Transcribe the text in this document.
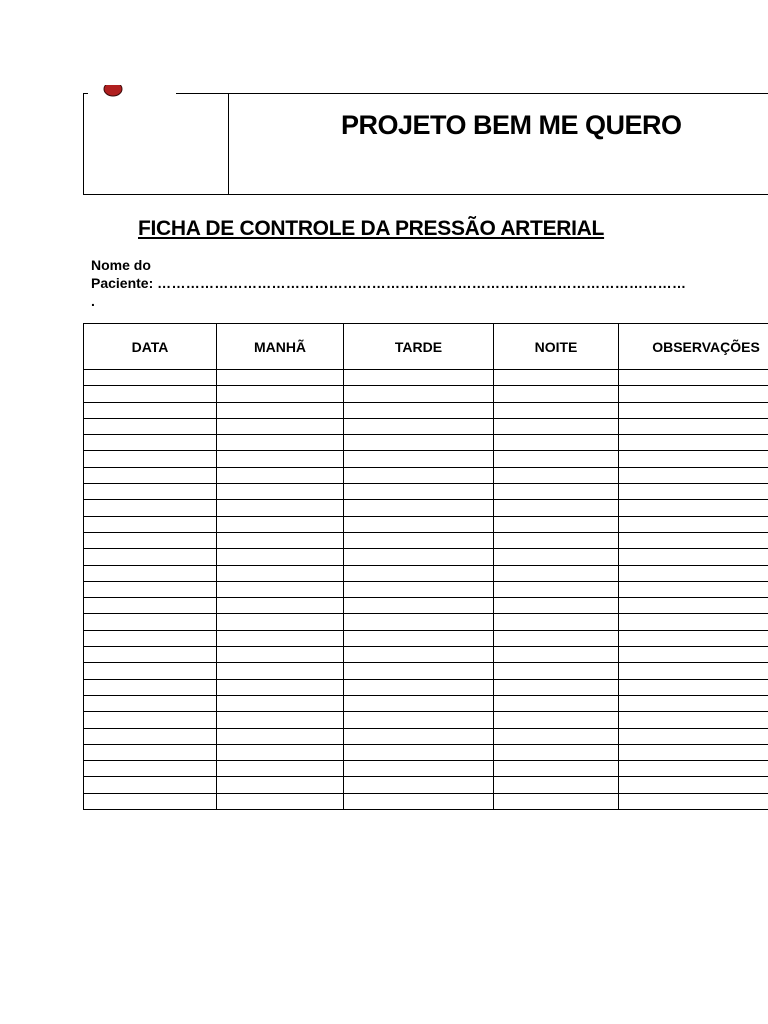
PROJETO BEM ME QUERO
FICHA DE CONTROLE DA PRESSÃO ARTERIAL
Nome do
Paciente: …………………………………………………………………………………………………
.
DATA	MANHÃ	TARDE	NOITE	OBSERVAÇÕES
